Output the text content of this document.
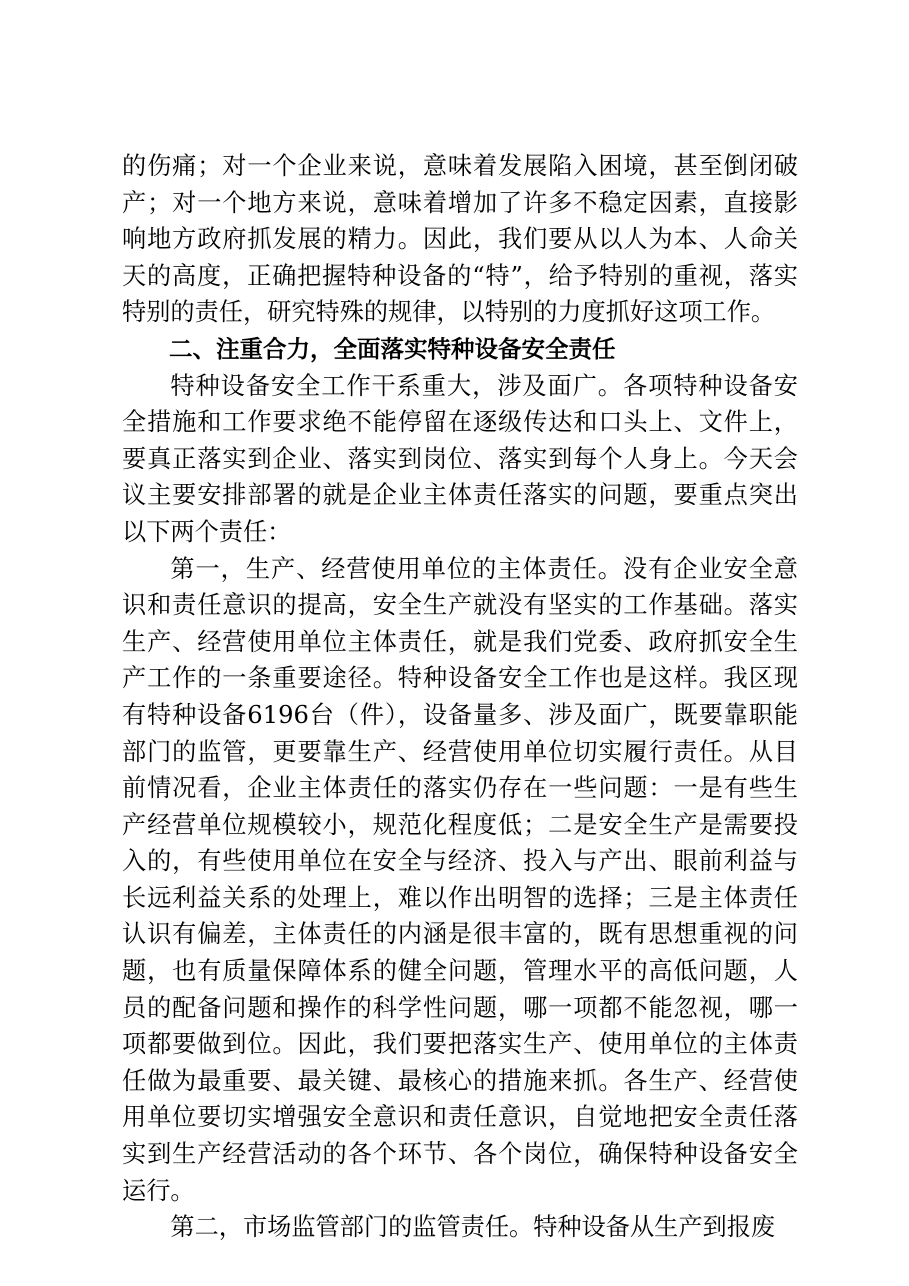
的伤痛；对一个企业来说，意味着发展陷入困境，甚至倒闭破产；对一个地方来说，意味着增加了许多不稳定因素，直接影响地方政府抓发展的精力。因此，我们要从以人为本、人命关天的高度，正确把握特种设备的“特”，给予特别的重视，落实特别的责任，研究特殊的规律，以特别的力度抓好这项工作。

二、注重合力，全面落实特种设备安全责任

特种设备安全工作干系重大，涉及面广。各项特种设备安全措施和工作要求绝不能停留在逐级传达和口头上、文件上，要真正落实到企业、落实到岗位、落实到每个人身上。今天会议主要安排部署的就是企业主体责任落实的问题，要重点突出以下两个责任：

第一，生产、经营使用单位的主体责任。没有企业安全意识和责任意识的提高，安全生产就没有坚实的工作基础。落实生产、经营使用单位主体责任，就是我们党委、政府抓安全生产工作的一条重要途径。特种设备安全工作也是这样。我区现有特种设备6196台（件），设备量多、涉及面广，既要靠职能部门的监管，更要靠生产、经营使用单位切实履行责任。从目前情况看，企业主体责任的落实仍存在一些问题：一是有些生产经营单位规模较小，规范化程度低；二是安全生产是需要投入的，有些使用单位在安全与经济、投入与产出、眼前利益与长远利益关系的处理上，难以作出明智的选择；三是主体责任认识有偏差，主体责任的内涵是很丰富的，既有思想重视的问题，也有质量保障体系的健全问题，管理水平的高低问题，人员的配备问题和操作的科学性问题，哪一项都不能忽视，哪一项都要做到位。因此，我们要把落实生产、使用单位的主体责任做为最重要、最关键、最核心的措施来抓。各生产、经营使用单位要切实增强安全意识和责任意识，自觉地把安全责任落实到生产经营活动的各个环节、各个岗位，确保特种设备安全运行。

第二，市场监管部门的监管责任。特种设备从生产到报废
